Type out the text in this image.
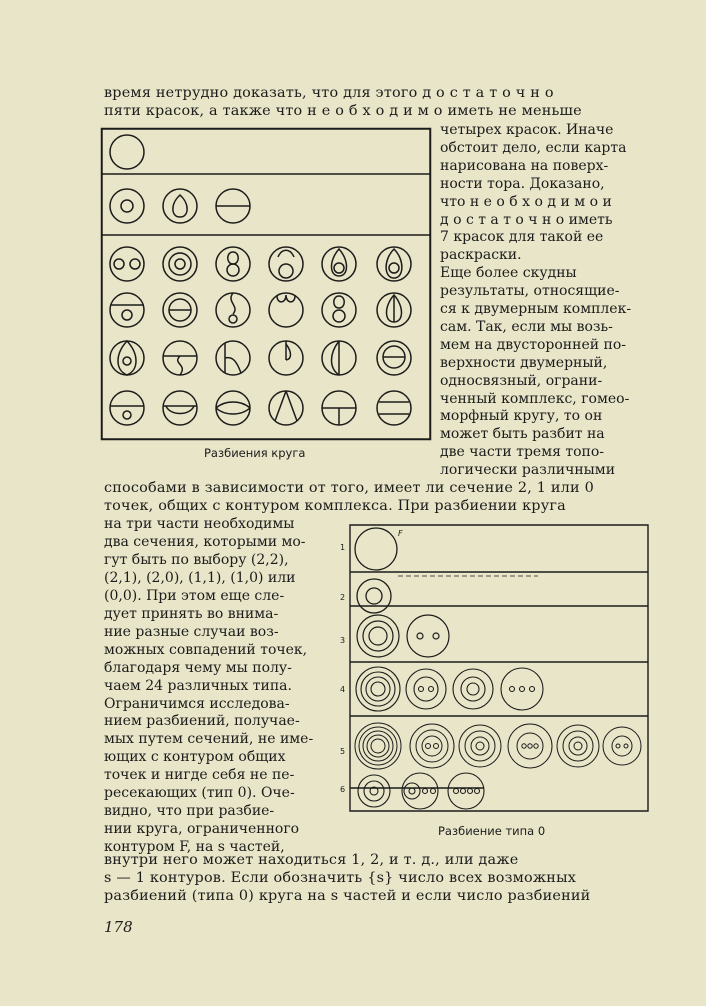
время нетрудно доказать, что для этого д о с т а т о ч н о
пяти красок, а также что н е о б х о д и м о иметь не меньше
четырех красок. Иначе
обстоит дело, если карта
нарисована на поверх-
ности тора. Доказано,
что н е о б х о д и м о и
д о с т а т о ч н о иметь
7 красок для такой ее
раскраски.
Еще более скудны
результаты, относящие-
ся к двумерным комплек-
сам. Так, если мы возь-
мем на двусторонней по-
верхности двумерный,
односвязный, ограни-
ченный комплекс, гомео-
морфный кругу, то он
может быть разбит на
две части тремя топо-
логически различными
Разбиения круга
способами в зависимости от того, имеет ли сечение 2, 1 или 0
точек, общих с контуром комплекса. При разбиении круга
на три части необходимы
два сечения, которыми мо-
гут быть по выбору (2,2),
(2,1), (2,0), (1,1), (1,0) или
(0,0). При этом еще сле-
дует принять во внима-
ние разные случаи воз-
можных совпадений точек,
благодаря чему мы полу-
чаем 24 различных типа.
Ограничимся исследова-
нием разбиений, получае-
мых путем сечений, не име-
ющих с контуром общих
точек и нигде себя не пе-
ресекающих (тип 0). Оче-
видно, что при разбие-
нии круга, ограниченного
контуром F, на s частей,
1
2
3
4
5
6
F
Разбиение типа 0
внутри него может находиться 1, 2, и т. д., или даже
s — 1 контуров. Если обозначить {s} число всех возможных
разбиений (типа 0) круга на s частей и если число разбиений
178
